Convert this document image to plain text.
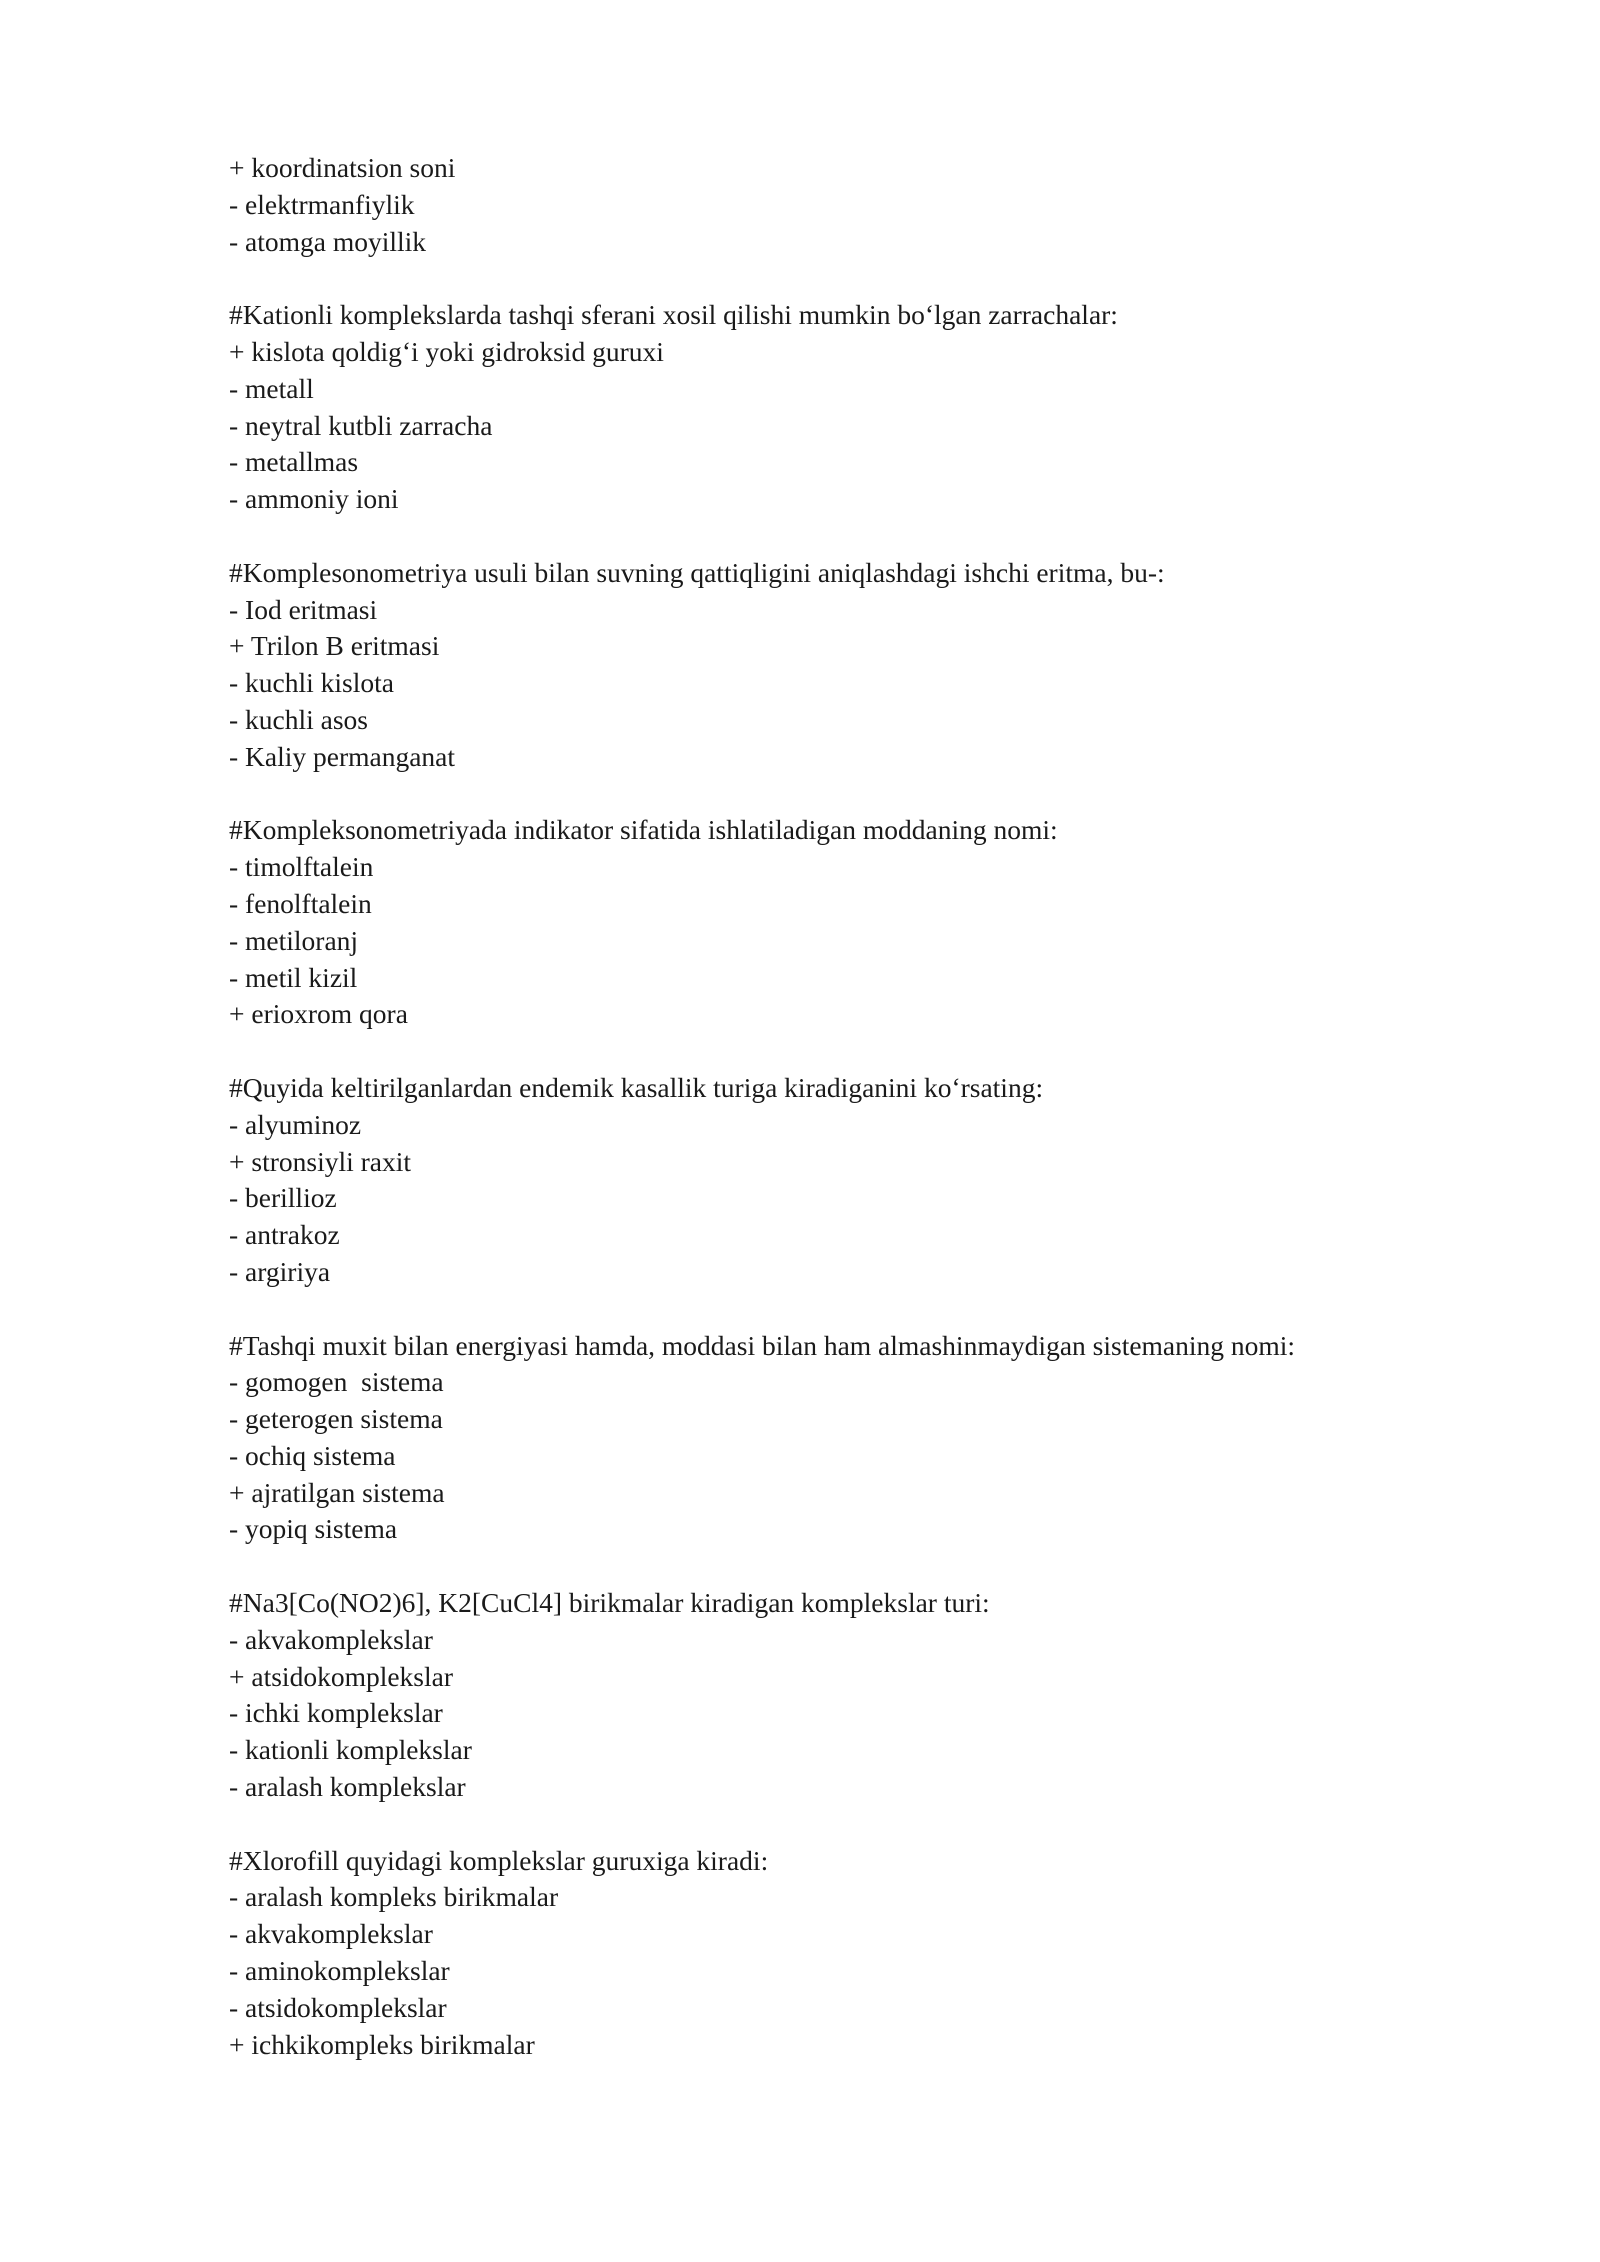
+ koordinatsion soni
- elektrmanfiylik
- atomga moyillik
#Kationli komplekslarda tashqi sferani xosil qilishi mumkin bo‘lgan zarrachalar:
+ kislota qoldig‘i yoki gidroksid guruxi
- metall
- neytral kutbli zarracha
- metallmas
- ammoniy ioni
#Komplesonometriya usuli bilan suvning qattiqligini aniqlashdagi ishchi eritma, bu-:
- Iod eritmasi
+ Trilon B eritmasi
- kuchli kislota
- kuchli asos
- Kaliy permanganat
#Kompleksonometriyada indikator sifatida ishlatiladigan moddaning nomi:
- timolftalein
- fenolftalein
- metiloranj
- metil kizil
+ erioxrom qora
#Quyida keltirilganlardan endemik kasallik turiga kiradiganini ko‘rsating:
- alyuminoz
+ stronsiyli raxit
- berillioz
- antrakoz
- argiriya
#Tashqi muxit bilan energiyasi hamda, moddasi bilan ham almashinmaydigan sistemaning nomi:
- gomogen  sistema
- geterogen sistema
- ochiq sistema
+ ajratilgan sistema
- yopiq sistema
#Na3[Co(NO2)6], K2[CuCl4] birikmalar kiradigan komplekslar turi:
- akvakomplekslar
+ atsidokomplekslar
- ichki komplekslar
- kationli komplekslar
- aralash komplekslar
#Xlorofill quyidagi komplekslar guruxiga kiradi:
- aralash kompleks birikmalar
- akvakomplekslar
- aminokomplekslar
- atsidokomplekslar
+ ichkikompleks birikmalar
